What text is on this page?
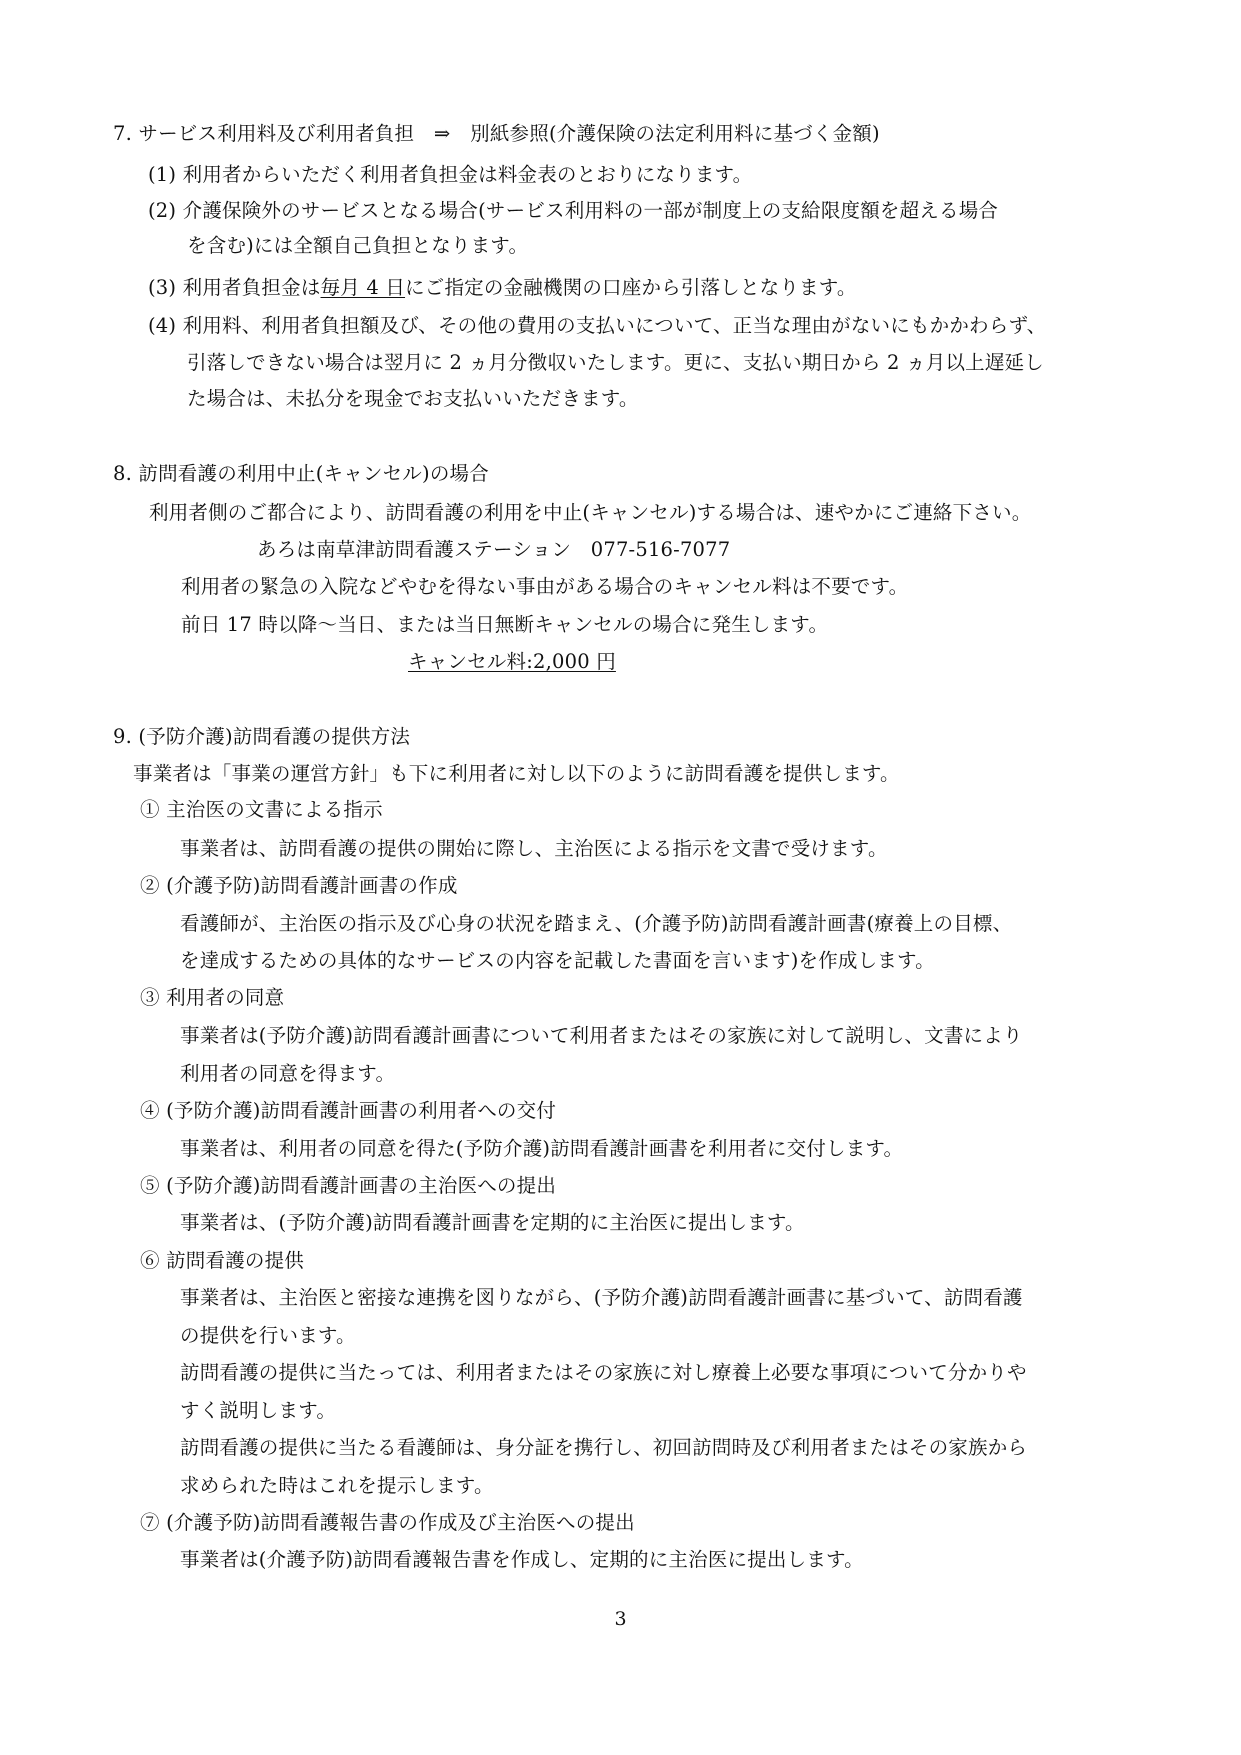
7. サービス利用料及び利用者負担　⇒　別紙参照(介護保険の法定利用料に基づく金額)
(1) 利用者からいただく利用者負担金は料金表のとおりになります。
(2) 介護保険外のサービスとなる場合(サービス利用料の一部が制度上の支給限度額を超える場合
を含む)には全額自己負担となります。
(3) 利用者負担金は毎月 4 日にご指定の金融機関の口座から引落しとなります。
(4) 利用料、利用者負担額及び、その他の費用の支払いについて、正当な理由がないにもかかわらず、
引落しできない場合は翌月に 2 ヵ月分徴収いたします。更に、支払い期日から 2 ヵ月以上遅延し
た場合は、未払分を現金でお支払いいただきます。
8. 訪問看護の利用中止(キャンセル)の場合
利用者側のご都合により、訪問看護の利用を中止(キャンセル)する場合は、速やかにご連絡下さい。
あろは南草津訪問看護ステーション　077-516-7077
利用者の緊急の入院などやむを得ない事由がある場合のキャンセル料は不要です。
前日 17 時以降～当日、または当日無断キャンセルの場合に発生します。
キャンセル料:2,000 円
9. (予防介護)訪問看護の提供方法
事業者は「事業の運営方針」も下に利用者に対し以下のように訪問看護を提供します。
① 主治医の文書による指示
事業者は、訪問看護の提供の開始に際し、主治医による指示を文書で受けます。
② (介護予防)訪問看護計画書の作成
看護師が、主治医の指示及び心身の状況を踏まえ、(介護予防)訪問看護計画書(療養上の目標、
を達成するための具体的なサービスの内容を記載した書面を言います)を作成します。
③ 利用者の同意
事業者は(予防介護)訪問看護計画書について利用者またはその家族に対して説明し、文書により
利用者の同意を得ます。
④ (予防介護)訪問看護計画書の利用者への交付
事業者は、利用者の同意を得た(予防介護)訪問看護計画書を利用者に交付します。
⑤ (予防介護)訪問看護計画書の主治医への提出
事業者は、(予防介護)訪問看護計画書を定期的に主治医に提出します。
⑥ 訪問看護の提供
事業者は、主治医と密接な連携を図りながら、(予防介護)訪問看護計画書に基づいて、訪問看護
の提供を行います。
訪問看護の提供に当たっては、利用者またはその家族に対し療養上必要な事項について分かりや
すく説明します。
訪問看護の提供に当たる看護師は、身分証を携行し、初回訪問時及び利用者またはその家族から
求められた時はこれを提示します。
⑦ (介護予防)訪問看護報告書の作成及び主治医への提出
事業者は(介護予防)訪問看護報告書を作成し、定期的に主治医に提出します。
3
